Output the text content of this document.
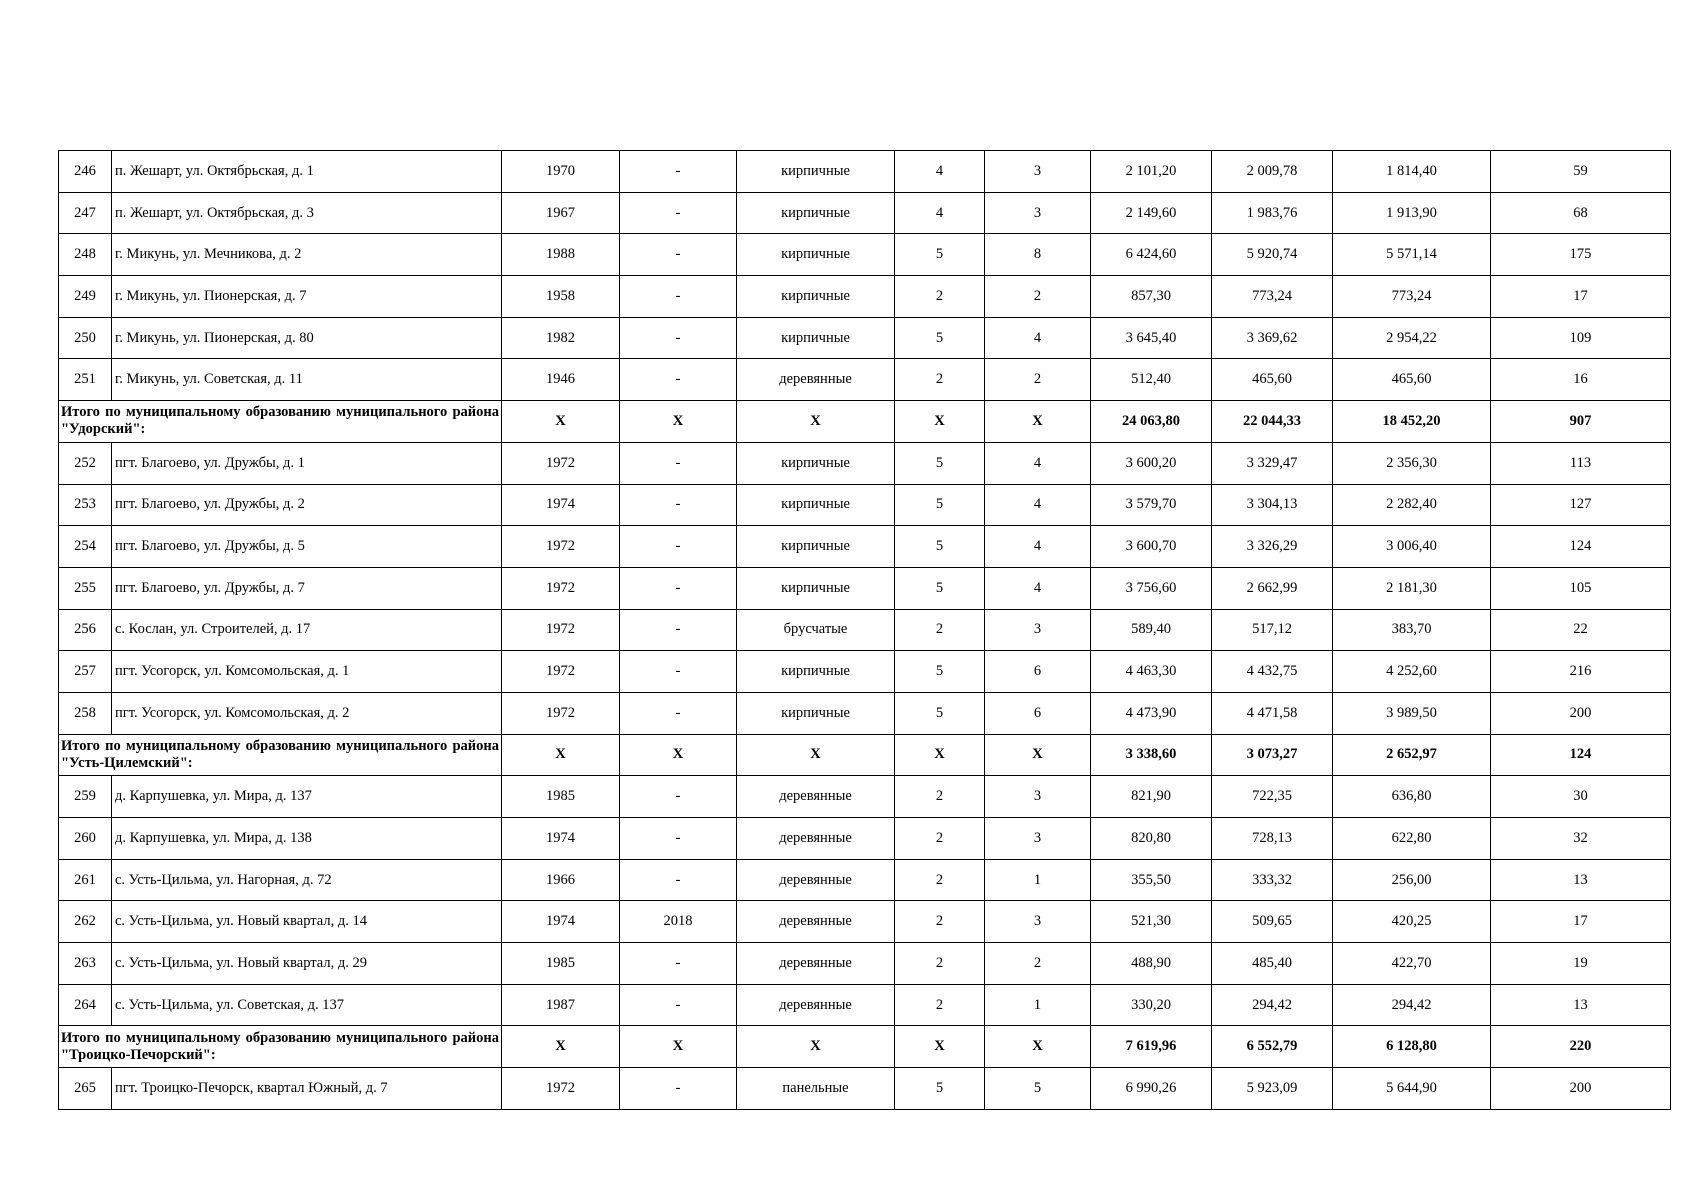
246	п. Жешарт, ул. Октябрьская, д. 1	1970	-	кирпичные	4	3	2 101,20	2 009,78	1 814,40	59
247	п. Жешарт, ул. Октябрьская, д. 3	1967	-	кирпичные	4	3	2 149,60	1 983,76	1 913,90	68
248	г. Микунь, ул. Мечникова, д. 2	1988	-	кирпичные	5	8	6 424,60	5 920,74	5 571,14	175
249	г. Микунь, ул. Пионерская, д. 7	1958	-	кирпичные	2	2	857,30	773,24	773,24	17
250	г. Микунь, ул. Пионерская, д. 80	1982	-	кирпичные	5	4	3 645,40	3 369,62	2 954,22	109
251	г. Микунь, ул. Советская, д. 11	1946	-	деревянные	2	2	512,40	465,60	465,60	16
Итого по муниципальному образованию муниципального района "Удорский":		X	X	X	X	X	24 063,80	22 044,33	18 452,20	907
252	пгт. Благоево, ул. Дружбы, д. 1	1972	-	кирпичные	5	4	3 600,20	3 329,47	2 356,30	113
253	пгт. Благоево, ул. Дружбы, д. 2	1974	-	кирпичные	5	4	3 579,70	3 304,13	2 282,40	127
254	пгт. Благоево, ул. Дружбы, д. 5	1972	-	кирпичные	5	4	3 600,70	3 326,29	3 006,40	124
255	пгт. Благоево, ул. Дружбы, д. 7	1972	-	кирпичные	5	4	3 756,60	2 662,99	2 181,30	105
256	с. Кослан, ул. Строителей, д. 17	1972	-	брусчатые	2	3	589,40	517,12	383,70	22
257	пгт. Усогорск, ул. Комсомольская, д. 1	1972	-	кирпичные	5	6	4 463,30	4 432,75	4 252,60	216
258	пгт. Усогорск, ул. Комсомольская, д. 2	1972	-	кирпичные	5	6	4 473,90	4 471,58	3 989,50	200
Итого по муниципальному образованию муниципального района "Усть-Цилемский":		X	X	X	X	X	3 338,60	3 073,27	2 652,97	124
259	д. Карпушевка, ул. Мира, д. 137	1985	-	деревянные	2	3	821,90	722,35	636,80	30
260	д. Карпушевка, ул. Мира, д. 138	1974	-	деревянные	2	3	820,80	728,13	622,80	32
261	с. Усть-Цильма, ул. Нагорная, д. 72	1966	-	деревянные	2	1	355,50	333,32	256,00	13
262	с. Усть-Цильма, ул. Новый квартал, д. 14	1974	2018	деревянные	2	3	521,30	509,65	420,25	17
263	с. Усть-Цильма, ул. Новый квартал, д. 29	1985	-	деревянные	2	2	488,90	485,40	422,70	19
264	с. Усть-Цильма, ул. Советская, д. 137	1987	-	деревянные	2	1	330,20	294,42	294,42	13
Итого по муниципальному образованию муниципального района "Троицко-Печорский":		X	X	X	X	X	7 619,96	6 552,79	6 128,80	220
265	пгт. Троицко-Печорск, квартал Южный, д. 7	1972	-	панельные	5	5	6 990,26	5 923,09	5 644,90	200
